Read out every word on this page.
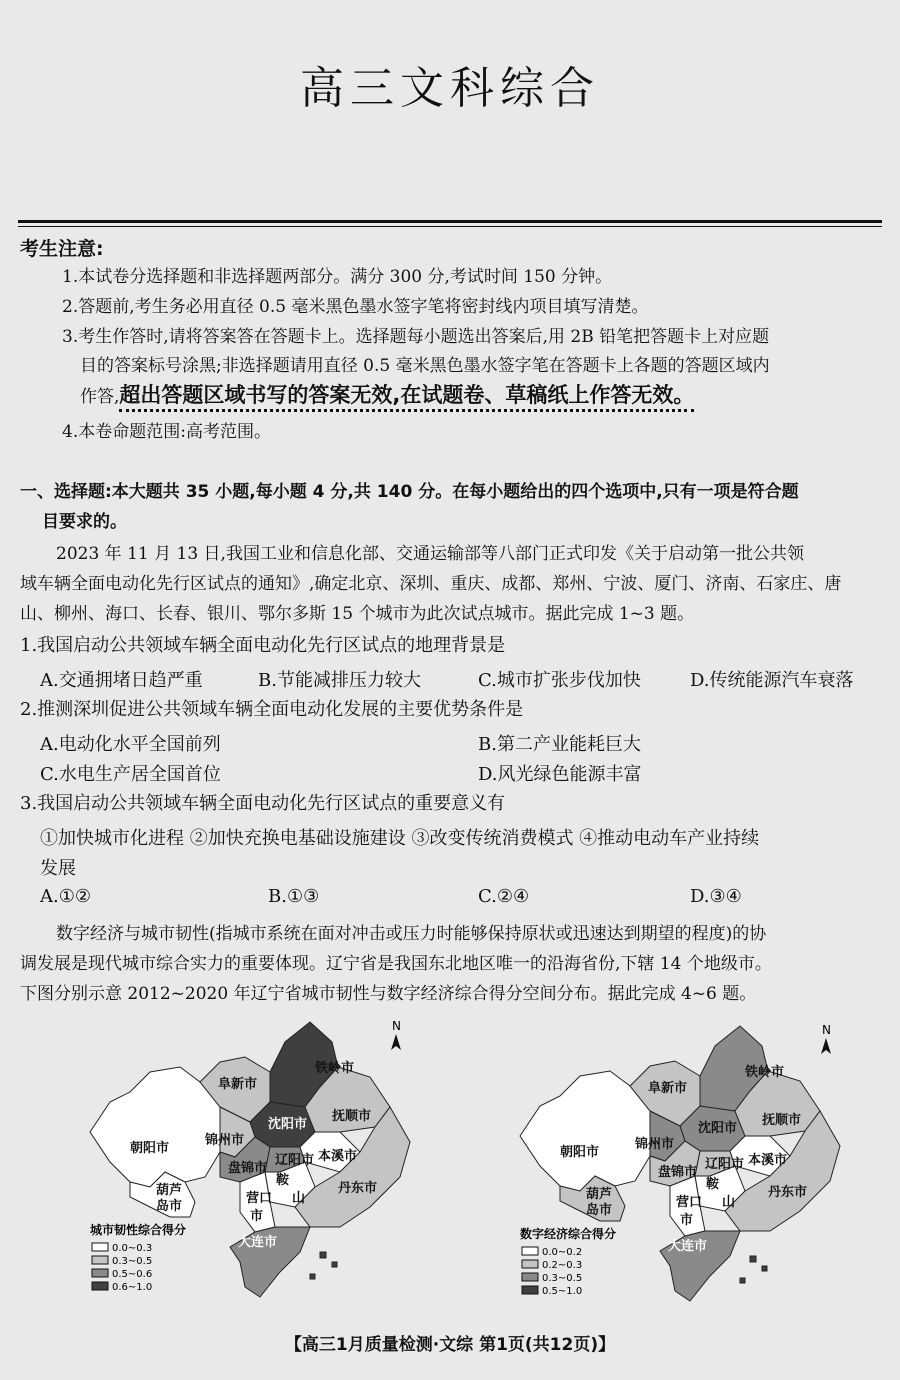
高三文科综合
考生注意:
1.本试卷分选择题和非选择题两部分。满分 300 分,考试时间 150 分钟。
2.答题前,考生务必用直径 0.5 毫米黑色墨水签字笔将密封线内项目填写清楚。
3.考生作答时,请将答案答在答题卡上。选择题每小题选出答案后,用 2B 铅笔把答题卡上对应题
目的答案标号涂黑;非选择题请用直径 0.5 毫米黑色墨水签字笔在答题卡上各题的答题区域内
作答,超出答题区域书写的答案无效,在试题卷、草稿纸上作答无效。
4.本卷命题范围:高考范围。
一、选择题:本大题共 35 小题,每小题 4 分,共 140 分。在每小题给出的四个选项中,只有一项是符合题
目要求的。
2023 年 11 月 13 日,我国工业和信息化部、交通运输部等八部门正式印发《关于启动第一批公共领
域车辆全面电动化先行区试点的通知》,确定北京、深圳、重庆、成都、郑州、宁波、厦门、济南、石家庄、唐
山、柳州、海口、长春、银川、鄂尔多斯 15 个城市为此次试点城市。据此完成 1~3 题。
1.我国启动公共领域车辆全面电动化先行区试点的地理背景是
A.交通拥堵日趋严重	B.节能减排压力较大	C.城市扩张步伐加快	D.传统能源汽车衰落
2.推测深圳促进公共领域车辆全面电动化发展的主要优势条件是
A.电动化水平全国前列	B.第二产业能耗巨大
C.水电生产居全国首位	D.风光绿色能源丰富
3.我国启动公共领域车辆全面电动化先行区试点的重要意义有
①加快城市化进程 ②加快充换电基础设施建设 ③改变传统消费模式 ④推动电动车产业持续
发展
A.①②	B.①③	C.②④	D.③④
数字经济与城市韧性(指城市系统在面对冲击或压力时能够保持原状或迅速达到期望的程度)的协
调发展是现代城市综合实力的重要体现。辽宁省是我国东北地区唯一的沿海省份,下辖 14 个地级市。
下图分别示意 2012~2020 年辽宁省城市韧性与数字经济综合得分空间分布。据此完成 4~6 题。
铁岭市
阜新市
沈阳市
抚顺市
朝阳市
锦州市
辽阳市 本溪市
盘锦市
鞍
山
营口
市
葫芦
岛市
丹东市
大连市
N
城市韧性综合得分
0.0~0.3
0.3~0.5
0.5~0.6
0.6~1.0
铁岭市
阜新市
沈阳市
抚顺市
朝阳市
锦州市
辽阳市 本溪市
盘锦市
鞍
山
营口
市
葫芦
岛市
丹东市
大连市
N
数字经济综合得分
0.0~0.2
0.2~0.3
0.3~0.5
0.5~1.0
【高三1月质量检测·文综 第1页(共12页)】
